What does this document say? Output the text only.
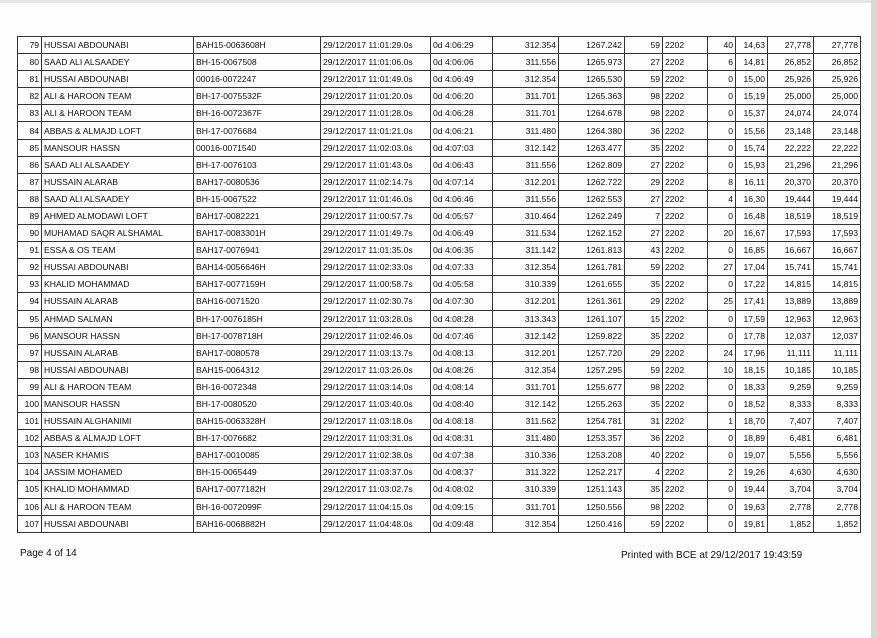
79	HUSSAI ABDOUNABI	BAH15-0063608H	29/12/2017 11:01:29.0s	0d 4:06:29	312.354	1267.242	59	2202	40	14,63	27,778	27,778
80	SAAD ALI ALSAADEY	BH-15-0067508	29/12/2017 11:01:06.0s	0d 4:06:06	311.556	1265.973	27	2202	6	14,81	26,852	26,852
81	HUSSAI ABDOUNABI	00016-0072247	29/12/2017 11:01:49.0s	0d 4:06:49	312.354	1265.530	59	2202	0	15,00	25,926	25,926
82	ALI & HAROON TEAM	BH-17-0075532F	29/12/2017 11:01:20.0s	0d 4:06:20	311.701	1265.363	98	2202	0	15,19	25,000	25,000
83	ALI & HAROON TEAM	BH-16-0072367F	29/12/2017 11:01:28.0s	0d 4:06:28	311.701	1264.678	98	2202	0	15,37	24,074	24,074
84	ABBAS & ALMAJD LOFT	BH-17-0076684	29/12/2017 11:01:21.0s	0d 4:06:21	311.480	1264.380	36	2202	0	15,56	23,148	23,148
85	MANSOUR HASSN	00016-0071540	29/12/2017 11:02:03.0s	0d 4:07:03	312.142	1263.477	35	2202	0	15,74	22,222	22,222
86	SAAD ALI ALSAADEY	BH-17-0076103	29/12/2017 11:01:43.0s	0d 4:06:43	311.556	1262.809	27	2202	0	15,93	21,296	21,296
87	HUSSAIN ALARAB	BAH17-0080536	29/12/2017 11:02:14.7s	0d 4:07:14	312.201	1262.722	29	2202	8	16,11	20,370	20,370
88	SAAD ALI ALSAADEY	BH-15-0067522	29/12/2017 11:01:46.0s	0d 4:06:46	311.556	1262.553	27	2202	4	16,30	19,444	19,444
89	AHMED ALMODAWI LOFT	BAH17-0082221	29/12/2017 11:00:57.7s	0d 4:05:57	310.464	1262.249	7	2202	0	16,48	18,519	18,519
90	MUHAMAD SAQR ALSHAMAL	BAH17-0083301H	29/12/2017 11:01:49.7s	0d 4:06:49	311.534	1262.152	27	2202	20	16,67	17,593	17,593
91	ESSA & OS TEAM	BAH17-0076941	29/12/2017 11:01:35.0s	0d 4:06:35	311.142	1261.813	43	2202	0	16,85	16,667	16,667
92	HUSSAI ABDOUNABI	BAH14-0056646H	29/12/2017 11:02:33.0s	0d 4:07:33	312.354	1261.781	59	2202	27	17,04	15,741	15,741
93	KHALID MOHAMMAD	BAH17-0077159H	29/12/2017 11:00:58.7s	0d 4:05:58	310.339	1261.655	35	2202	0	17,22	14,815	14,815
94	HUSSAIN ALARAB	BAH16-0071520	29/12/2017 11:02:30.7s	0d 4:07:30	312.201	1261.361	29	2202	25	17,41	13,889	13,889
95	AHMAD SALMAN	BH-17-0076185H	29/12/2017 11:03:28.0s	0d 4:08:28	313.343	1261.107	15	2202	0	17,59	12,963	12,963
96	MANSOUR HASSN	BH-17-0078718H	29/12/2017 11:02:46.0s	0d 4:07:46	312.142	1259.822	35	2202	0	17,78	12,037	12,037
97	HUSSAIN ALARAB	BAH17-0080578	29/12/2017 11:03:13.7s	0d 4:08:13	312.201	1257.720	29	2202	24	17,96	11,111	11,111
98	HUSSAI ABDOUNABI	BAH15-0064312	29/12/2017 11:03:26.0s	0d 4:08:26	312.354	1257.295	59	2202	10	18,15	10,185	10,185
99	ALI & HAROON TEAM	BH-16-0072348	29/12/2017 11:03:14.0s	0d 4:08:14	311.701	1255.677	98	2202	0	18,33	9,259	9,259
100	MANSOUR HASSN	BH-17-0080520	29/12/2017 11:03:40.0s	0d 4:08:40	312.142	1255.263	35	2202	0	18,52	8,333	8,333
101	HUSSAIN ALGHANIMI	BAH15-0063328H	29/12/2017 11:03:18.0s	0d 4:08:18	311.562	1254.781	31	2202	1	18,70	7,407	7,407
102	ABBAS & ALMAJD LOFT	BH-17-0076682	29/12/2017 11:03:31.0s	0d 4:08:31	311.480	1253.357	36	2202	0	18,89	6,481	6,481
103	NASER KHAMIS	BAH17-0010085	29/12/2017 11:02:38.0s	0d 4:07:38	310.336	1253.208	40	2202	0	19,07	5,556	5,556
104	JASSIM MOHAMED	BH-15-0065449	29/12/2017 11:03:37.0s	0d 4:08:37	311.322	1252.217	4	2202	2	19,26	4,630	4,630
105	KHALID MOHAMMAD	BAH17-0077182H	29/12/2017 11:03:02.7s	0d 4:08:02	310.339	1251.143	35	2202	0	19,44	3,704	3,704
106	ALI & HAROON TEAM	BH-16-0072099F	29/12/2017 11:04:15.0s	0d 4:09:15	311.701	1250.556	98	2202	0	19,63	2,778	2,778
107	HUSSAI ABDOUNABI	BAH16-0068882H	29/12/2017 11:04:48.0s	0d 4:09:48	312.354	1250.416	59	2202	0	19,81	1,852	1,852
Page 4 of 14	Printed with BCE at 29/12/2017 19:43:59
